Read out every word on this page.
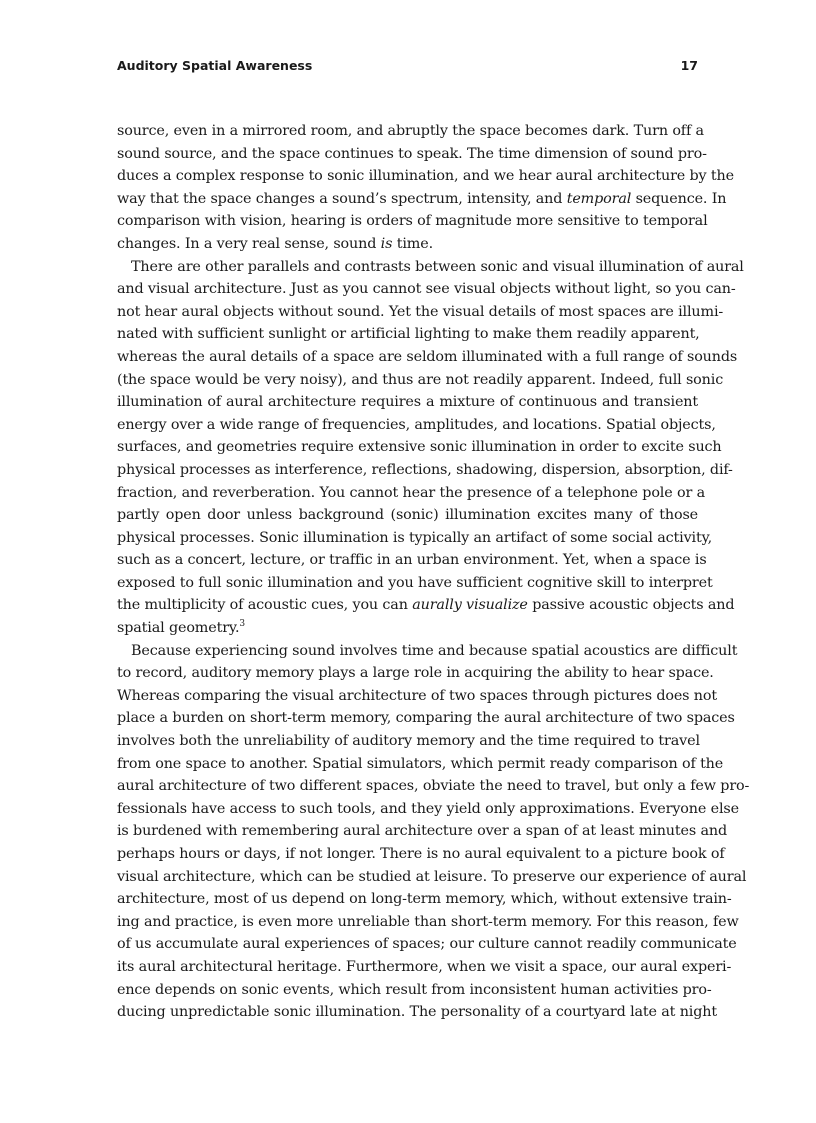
Auditory Spatial Awareness	17

source, even in a mirrored room, and abruptly the space becomes dark. Turn off a
sound source, and the space continues to speak. The time dimension of sound pro-
duces a complex response to sonic illumination, and we hear aural architecture by the
way that the space changes a sound’s spectrum, intensity, and temporal sequence. In
comparison with vision, hearing is orders of magnitude more sensitive to temporal
changes. In a very real sense, sound is time.

There are other parallels and contrasts between sonic and visual illumination of aural
and visual architecture. Just as you cannot see visual objects without light, so you can-
not hear aural objects without sound. Yet the visual details of most spaces are illumi-
nated with sufficient sunlight or artificial lighting to make them readily apparent,
whereas the aural details of a space are seldom illuminated with a full range of sounds
(the space would be very noisy), and thus are not readily apparent. Indeed, full sonic
illumination of aural architecture requires a mixture of continuous and transient
energy over a wide range of frequencies, amplitudes, and locations. Spatial objects,
surfaces, and geometries require extensive sonic illumination in order to excite such
physical processes as interference, reflections, shadowing, dispersion, absorption, dif-
fraction, and reverberation. You cannot hear the presence of a telephone pole or a
partly open door unless background (sonic) illumination excites many of those
physical processes. Sonic illumination is typically an artifact of some social activity,
such as a concert, lecture, or traffic in an urban environment. Yet, when a space is
exposed to full sonic illumination and you have sufficient cognitive skill to interpret
the multiplicity of acoustic cues, you can aurally visualize passive acoustic objects and
spatial geometry.$^3$

Because experiencing sound involves time and because spatial acoustics are difficult
to record, auditory memory plays a large role in acquiring the ability to hear space.
Whereas comparing the visual architecture of two spaces through pictures does not
place a burden on short-term memory, comparing the aural architecture of two spaces
involves both the unreliability of auditory memory and the time required to travel
from one space to another. Spatial simulators, which permit ready comparison of the
aural architecture of two different spaces, obviate the need to travel, but only a few pro-
fessionals have access to such tools, and they yield only approximations. Everyone else
is burdened with remembering aural architecture over a span of at least minutes and
perhaps hours or days, if not longer. There is no aural equivalent to a picture book of
visual architecture, which can be studied at leisure. To preserve our experience of aural
architecture, most of us depend on long-term memory, which, without extensive train-
ing and practice, is even more unreliable than short-term memory. For this reason, few
of us accumulate aural experiences of spaces; our culture cannot readily communicate
its aural architectural heritage. Furthermore, when we visit a space, our aural experi-
ence depends on sonic events, which result from inconsistent human activities pro-
ducing unpredictable sonic illumination. The personality of a courtyard late at night
